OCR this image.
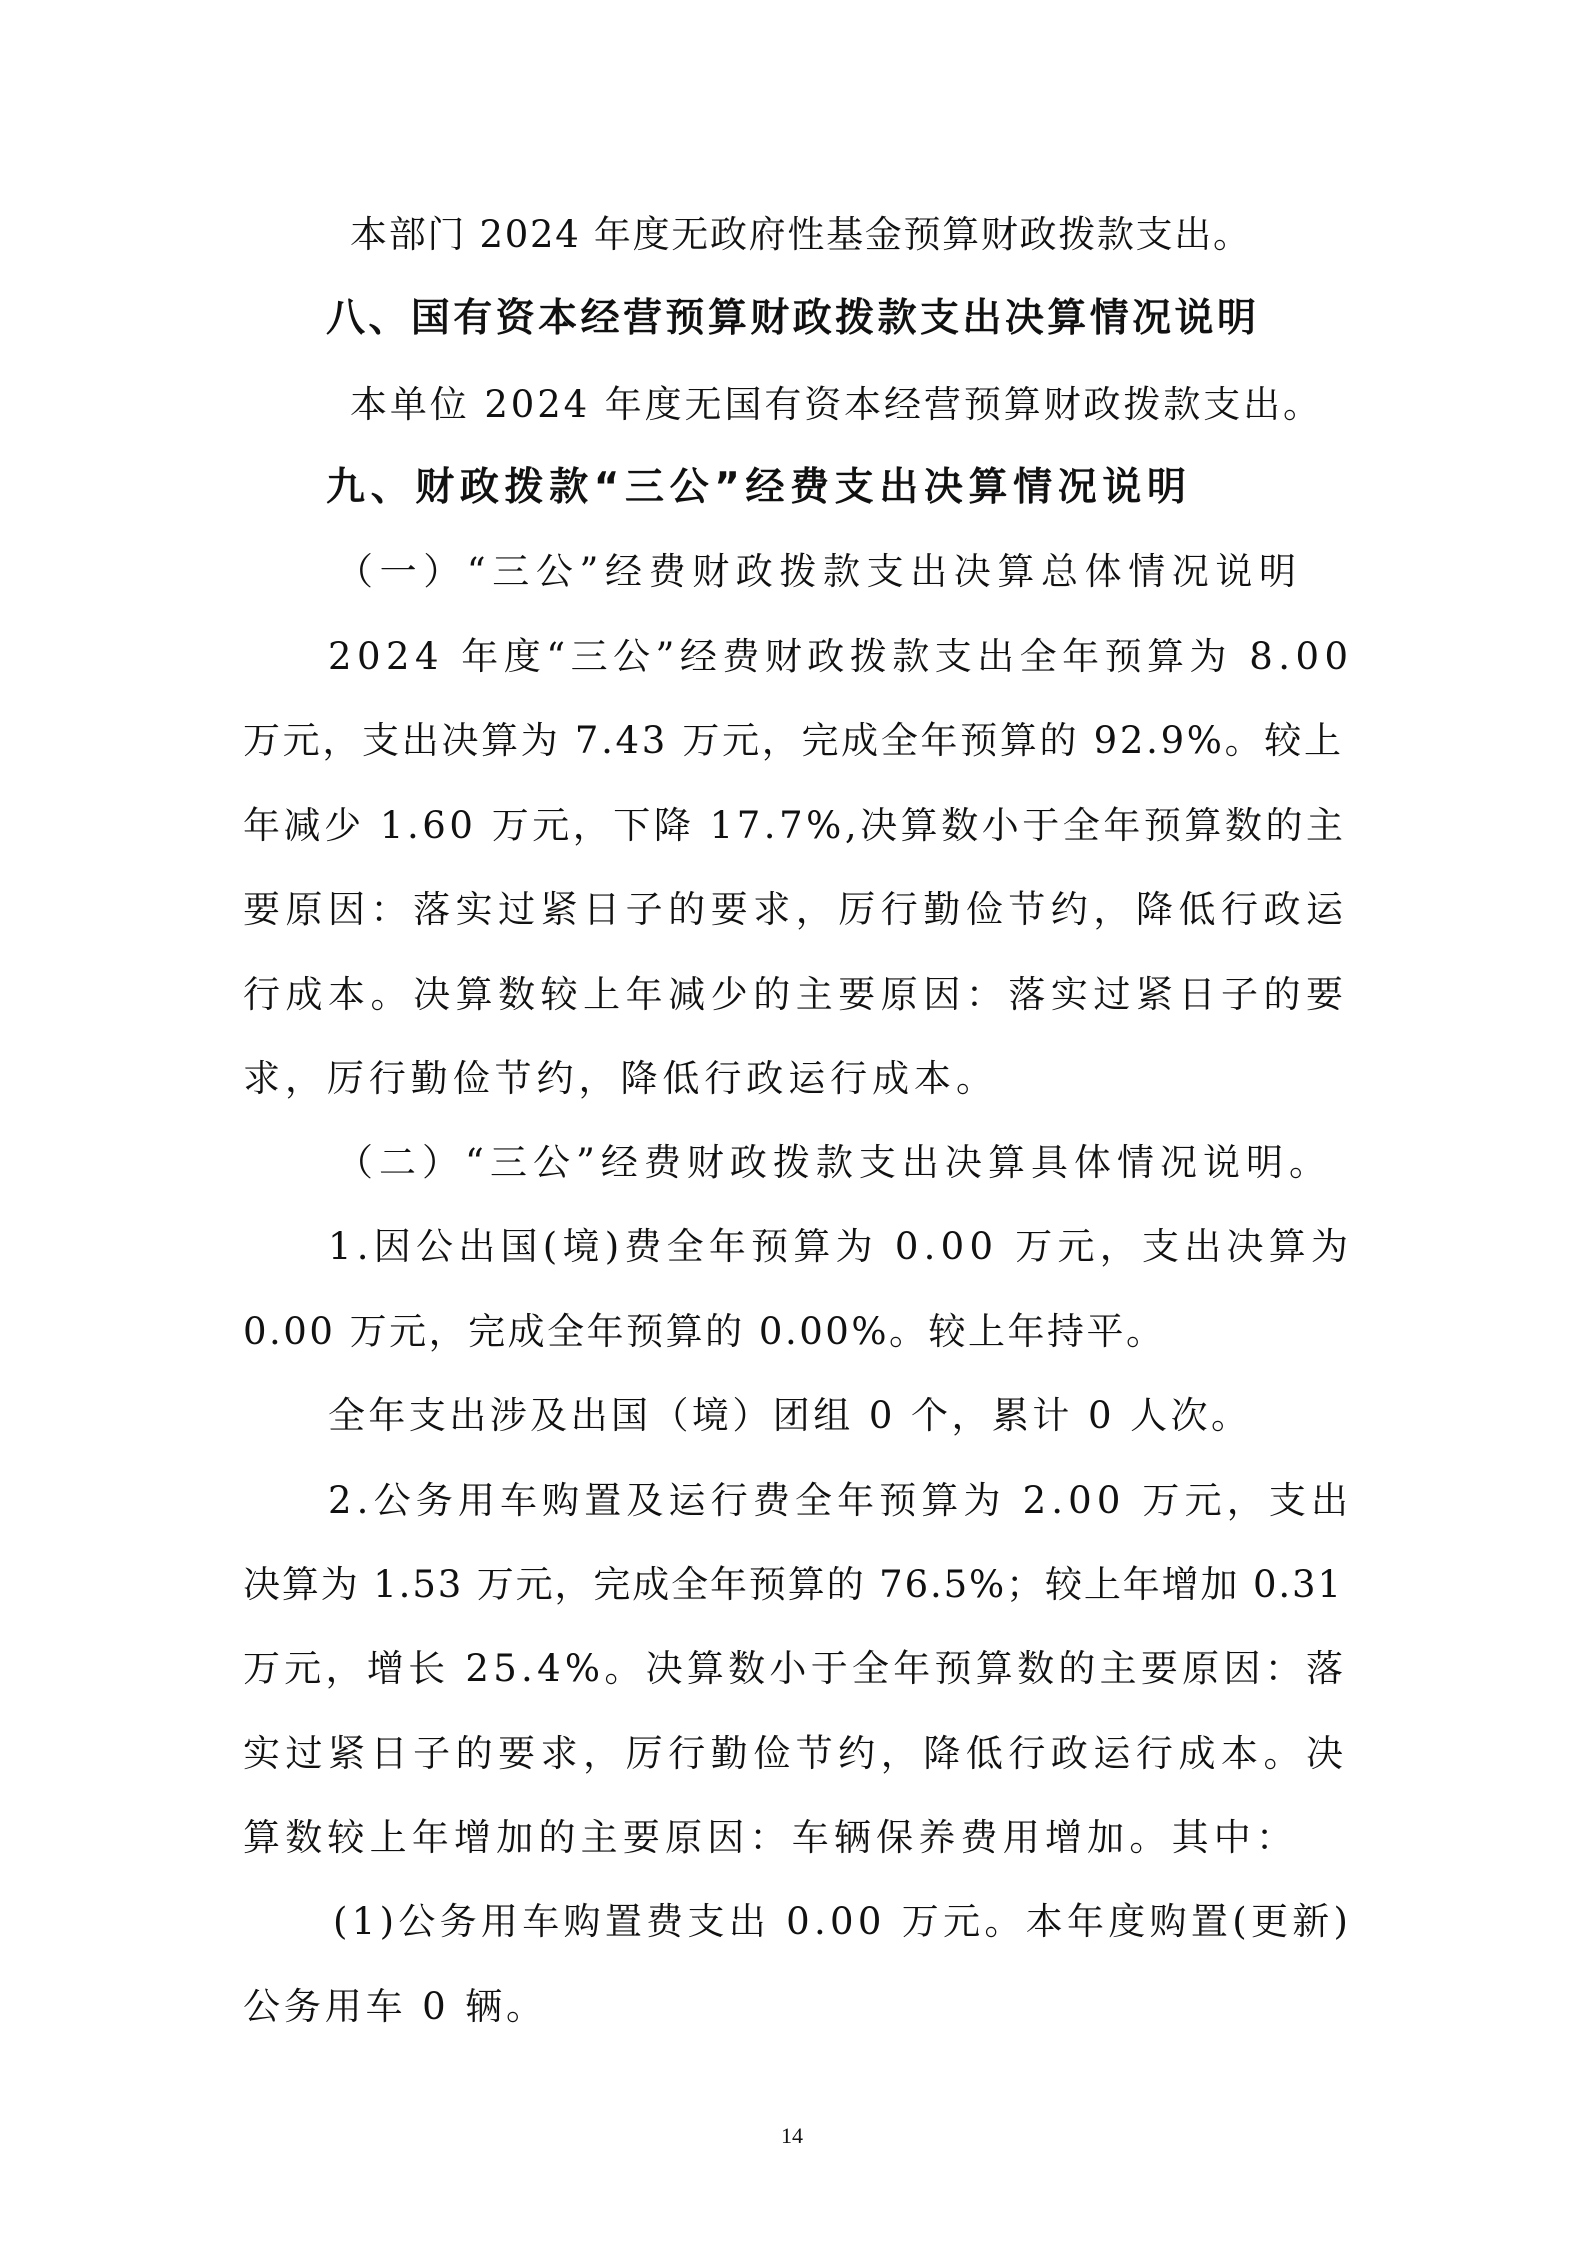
本部门 2024 年度无政府性基金预算财政拨款支出。
八、国有资本经营预算财政拨款支出决算情况说明
本单位 2024 年度无国有资本经营预算财政拨款支出。
九、财政拨款“三公”经费支出决算情况说明
（一）“三公”经费财政拨款支出决算总体情况说明
2024 年度“三公”经费财政拨款支出全年预算为 8.00
万元，支出决算为 7.43 万元，完成全年预算的 92.9%。较上
年减少 1.60 万元，下降 17.7%,决算数小于全年预算数的主
要原因：落实过紧日子的要求，厉行勤俭节约，降低行政运
行成本。决算数较上年减少的主要原因：落实过紧日子的要
求，厉行勤俭节约，降低行政运行成本。
（二）“三公”经费财政拨款支出决算具体情况说明。
1.因公出国(境)费全年预算为 0.00 万元，支出决算为
0.00 万元，完成全年预算的 0.00%。较上年持平。
全年支出涉及出国（境）团组 0 个，累计 0 人次。
2.公务用车购置及运行费全年预算为 2.00 万元，支出
决算为 1.53 万元，完成全年预算的 76.5%；较上年增加 0.31
万元，增长 25.4%。决算数小于全年预算数的主要原因：落
实过紧日子的要求，厉行勤俭节约，降低行政运行成本。决
算数较上年增加的主要原因：车辆保养费用增加。其中：
(1)公务用车购置费支出 0.00 万元。本年度购置(更新)
公务用车 0 辆。
14
